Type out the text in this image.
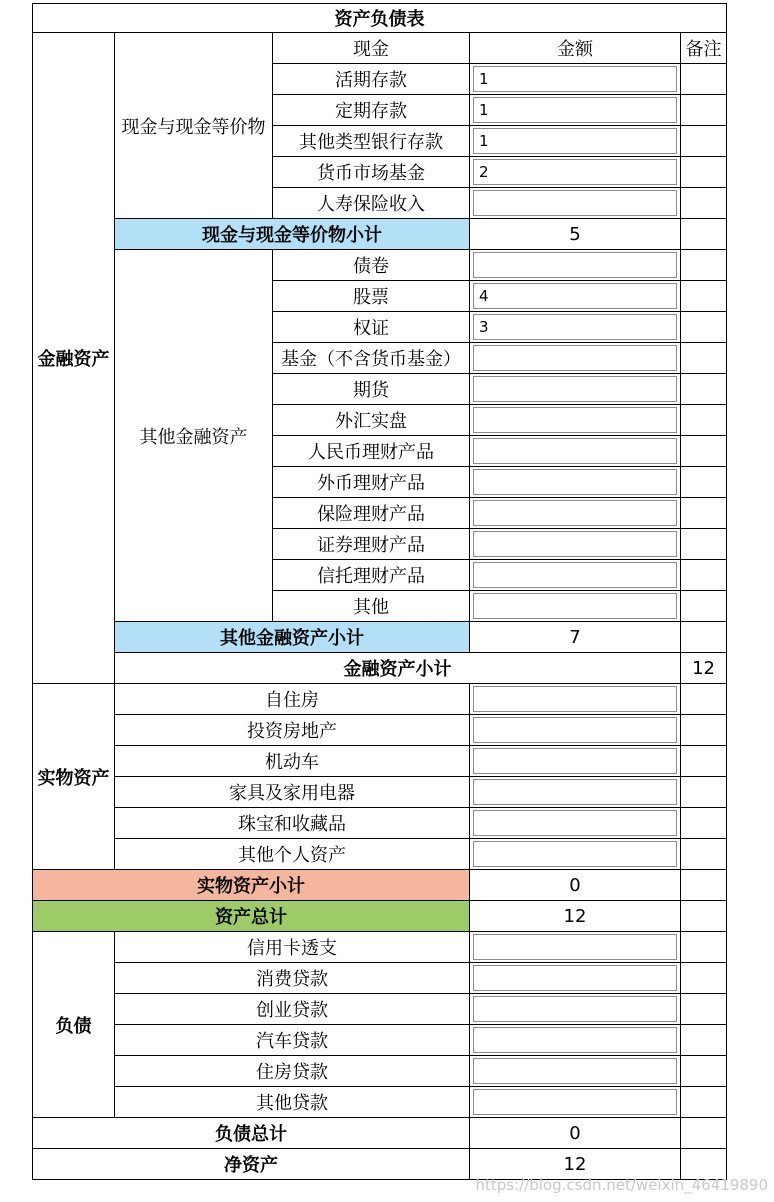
资产负债表					
金融资产	现金与现金等价物	现金	金额	备注	
		活期存款	1		

		定期存款	1		

		其他类型银行存款	1		

		货币市场基金	2		

		人寿保险收入		

	现金与现金等价物小计		5		
	其他金融资产	债卷		

		股票	4		

		权证	3		

		基金（不含货币基金）		

		期货		

		外汇实盘		

		人民币理财产品		

		外币理财产品		

		保险理财产品		

		证券理财产品		

		信托理财产品		

		其他		

	其他金融资产小计		7		
	金融资产小计			12	
实物资产	自住房			

	投资房地产			

	机动车			

	家具及家用电器			

	珠宝和收藏品			

	其他个人资产			

实物资产小计			0		
资产总计			12		
负债	信用卡透支			

	消费贷款			

	创业贷款			

	汽车贷款			

	住房贷款			

	其他贷款			

负债总计			0		
净资产			12		
https://blog.csdn.net/weixin_46419890
